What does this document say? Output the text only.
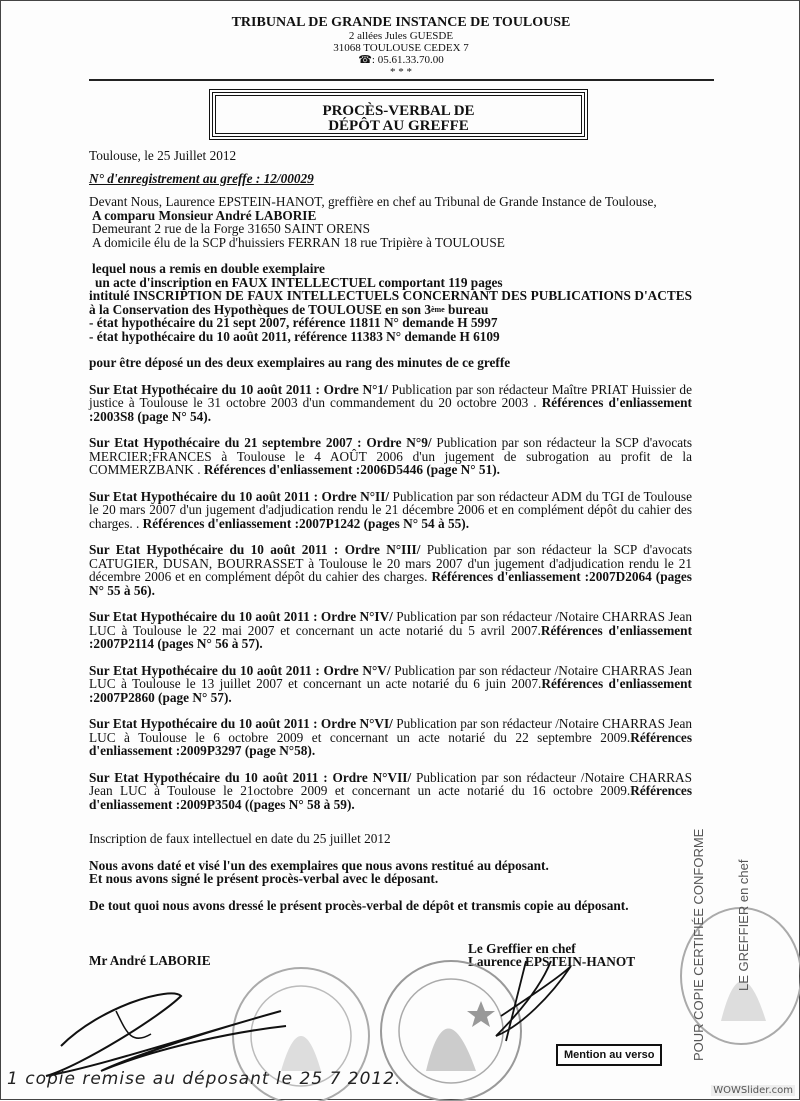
TRIBUNAL DE GRANDE INSTANCE DE TOULOUSE
2 allées Jules GUESDE
31068 TOULOUSE CEDEX 7
☎: 05.61.33.70.00
* * *
PROCÈS-VERBAL DE
DÉPÔT AU GREFFE

Toulouse, le 25 Juillet 2012

N° d'enregistrement au greffe : 12/00029

Devant Nous, Laurence EPSTEIN-HANOT, greffière en chef au Tribunal de Grande Instance de Toulouse,

A comparu Monsieur André LABORIE

Demeurant 2 rue de la Forge 31650 SAINT ORENS

A domicile élu de la SCP d'huissiers FERRAN 18 rue Tripière à TOULOUSE

lequel nous a remis en double exemplaire

un acte d'inscription en FAUX INTELLECTUEL comportant 119 pages

intitulé INSCRIPTION DE FAUX INTELLECTUELS CONCERNANT DES PUBLICATIONS D'ACTES à la Conservation des Hypothèques de TOULOUSE en son 3ème bureau

- état hypothécaire du 21 sept 2007, référence 11811 N° demande H 5997

- état hypothécaire du 10 août 2011, référence 11383 N° demande H 6109

pour être déposé un des deux exemplaires au rang des minutes de ce greffe

Sur Etat Hypothécaire du 10 août 2011 : Ordre N°1/ Publication par son rédacteur Maître PRIAT Huissier de justice à Toulouse le 31 octobre 2003 d'un commandement du 20 octobre 2003 . Références d'enliassement :2003S8 (page N° 54).

Sur Etat Hypothécaire du 21 septembre 2007 : Ordre N°9/ Publication par son rédacteur la SCP d'avocats MERCIER;FRANCES à Toulouse le 4 AOÛT 2006 d'un jugement de subrogation au profit de la COMMERZBANK . Références d'enliassement :2006D5446 (page N° 51).

Sur Etat Hypothécaire du 10 août 2011 : Ordre N°II/ Publication par son rédacteur ADM du TGI de Toulouse le 20 mars 2007 d'un jugement d'adjudication rendu le 21 décembre 2006 et en complément dépôt du cahier des charges. . Références d'enliassement :2007P1242 (pages N° 54 à 55).

Sur Etat Hypothécaire du 10 août 2011 : Ordre N°III/ Publication par son rédacteur la SCP d'avocats CATUGIER, DUSAN, BOURRASSET à Toulouse le 20 mars 2007 d'un jugement d'adjudication rendu le 21 décembre 2006 et en complément dépôt du cahier des charges. Références d'enliassement :2007D2064 (pages N° 55 à 56).

Sur Etat Hypothécaire du 10 août 2011 : Ordre N°IV/ Publication par son rédacteur /Notaire CHARRAS Jean LUC à Toulouse le 22 mai 2007 et concernant un acte notarié du 5 avril 2007.Références d'enliassement :2007P2114 (pages N° 56 à 57).

Sur Etat Hypothécaire du 10 août 2011 : Ordre N°V/ Publication par son rédacteur /Notaire CHARRAS Jean LUC à Toulouse le 13 juillet 2007 et concernant un acte notarié du 6 juin 2007.Références d'enliassement :2007P2860 (page N° 57).

Sur Etat Hypothécaire du 10 août 2011 : Ordre N°VI/ Publication par son rédacteur /Notaire CHARRAS Jean LUC à Toulouse le 6 octobre 2009 et concernant un acte notarié du 22 septembre 2009.Références d'enliassement :2009P3297 (page N°58).

Sur Etat Hypothécaire du 10 août 2011 : Ordre N°VII/ Publication par son rédacteur /Notaire CHARRAS Jean LUC à Toulouse le 21octobre 2009 et concernant un acte notarié du 16 octobre 2009.Références d'enliassement :2009P3504 ((pages N° 58 à 59).

Inscription de faux intellectuel en date du 25 juillet 2012

Nous avons daté et visé l'un des exemplaires que nous avons restitué au déposant.

Et nous avons signé le présent procès-verbal avec le déposant.

De tout quoi nous avons dressé le présent procès-verbal de dépôt et transmis copie au déposant.

Mr André LABORIE
Le Greffier en chef
Laurence EPSTEIN-HANOT	POUR COPIE CERTIFIÉE CONFORME LE GREFFIER en chef
Mention au verso
1 copie remise au déposant le 25 7 2012.
WOWSlider.com
